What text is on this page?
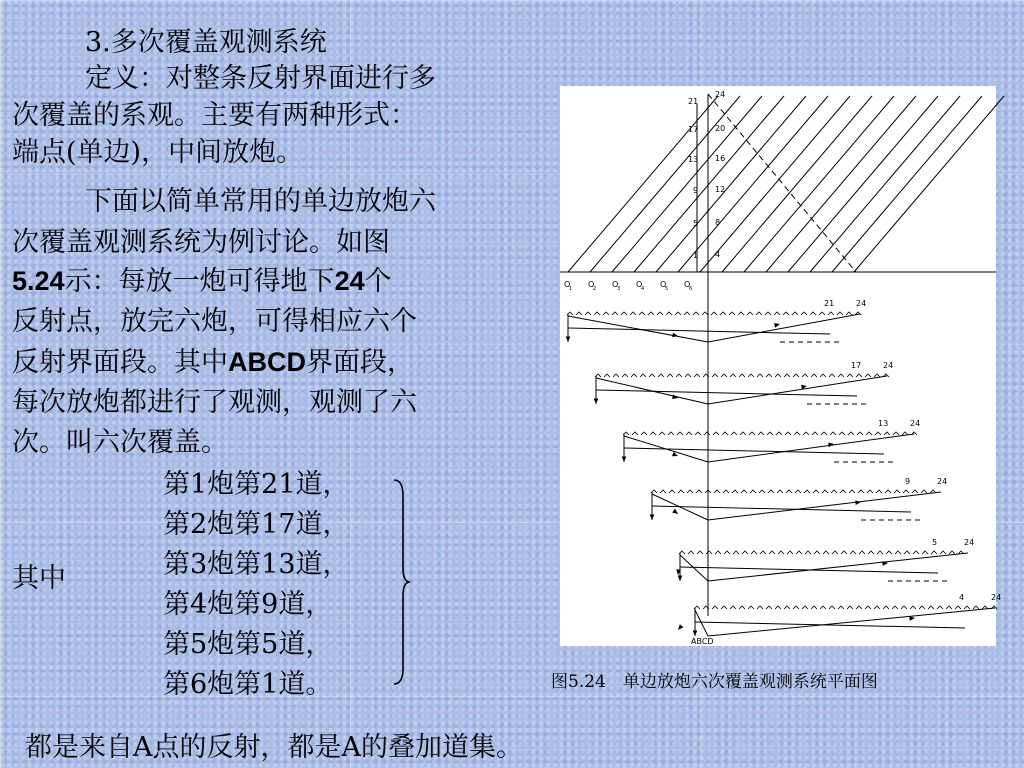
3.多次覆盖观测系统
定义：对整条反射界面进行多
次覆盖的系观。主要有两种形式：
端点(单边)，中间放炮。
下面以简单常用的单边放炮六
次覆盖观测系统为例讨论。如图
5.24示：每放一炮可得地下24个
反射点，放完六炮，可得相应六个
反射界面段。其中ABCD界面段，
每次放炮都进行了观测，观测了六
次。叫六次覆盖。
第1炮第21道，
第2炮第17道，
第3炮第13道，
第4炮第9道，
第5炮第5道，
第6炮第1道。
其中
都是来自A点的反射，都是A的叠加道集。
21
17
13
9
5
1
24
20
16
12
8
4
O
1 O
2 O
3 O
4 O
5 O
6
21	24
17	24
13	24
9	24
5	24
4	24
ABCD
图5.24　单边放炮六次覆盖观测系统平面图
